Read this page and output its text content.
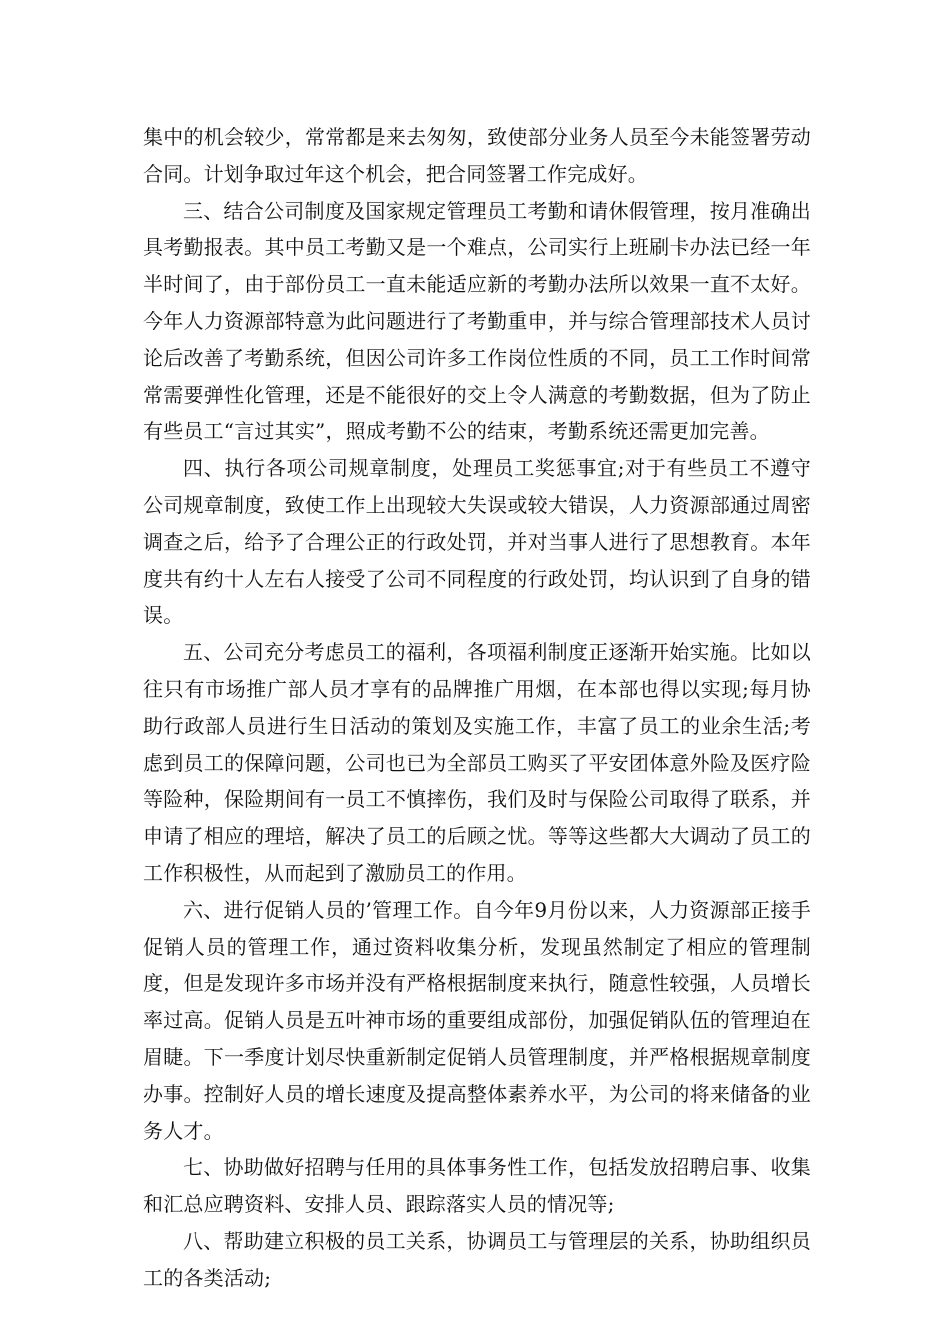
集中的机会较少，常常都是来去匆匆，致使部分业务人员至今未能签署劳动合同。计划争取过年这个机会，把合同签署工作完成好。

三、结合公司制度及国家规定管理员工考勤和请休假管理，按月准确出具考勤报表。其中员工考勤又是一个难点，公司实行上班刷卡办法已经一年半时间了，由于部份员工一直未能适应新的考勤办法所以效果一直不太好。今年人力资源部特意为此问题进行了考勤重申，并与综合管理部技术人员讨论后改善了考勤系统，但因公司许多工作岗位性质的不同，员工工作时间常常需要弹性化管理，还是不能很好的交上令人满意的考勤数据，但为了防止有些员工“言过其实”，照成考勤不公的结束，考勤系统还需更加完善。

四、执行各项公司规章制度，处理员工奖惩事宜;对于有些员工不遵守公司规章制度，致使工作上出现较大失误或较大错误，人力资源部通过周密调查之后，给予了合理公正的行政处罚，并对当事人进行了思想教育。本年度共有约十人左右人接受了公司不同程度的行政处罚，均认识到了自身的错误。

五、公司充分考虑员工的福利，各项福利制度正逐渐开始实施。比如以往只有市场推广部人员才享有的品牌推广用烟，在本部也得以实现;每月协助行政部人员进行生日活动的策划及实施工作，丰富了员工的业余生活;考虑到员工的保障问题，公司也已为全部员工购买了平安团体意外险及医疗险等险种，保险期间有一员工不慎摔伤，我们及时与保险公司取得了联系，并申请了相应的理培，解决了员工的后顾之忧。等等这些都大大调动了员工的工作积极性，从而起到了激励员工的作用。

六、进行促销人员的’管理工作。自今年9月份以来，人力资源部正接手促销人员的管理工作，通过资料收集分析，发现虽然制定了相应的管理制度，但是发现许多市场并没有严格根据制度来执行，随意性较强，人员增长率过高。促销人员是五叶神市场的重要组成部份，加强促销队伍的管理迫在眉睫。下一季度计划尽快重新制定促销人员管理制度，并严格根据规章制度办事。控制好人员的增长速度及提高整体素养水平，为公司的将来储备的业务人才。

七、协助做好招聘与任用的具体事务性工作，包括发放招聘启事、收集和汇总应聘资料、安排人员、跟踪落实人员的情况等;

八、帮助建立积极的员工关系，协调员工与管理层的关系，协助组织员工的各类活动;
